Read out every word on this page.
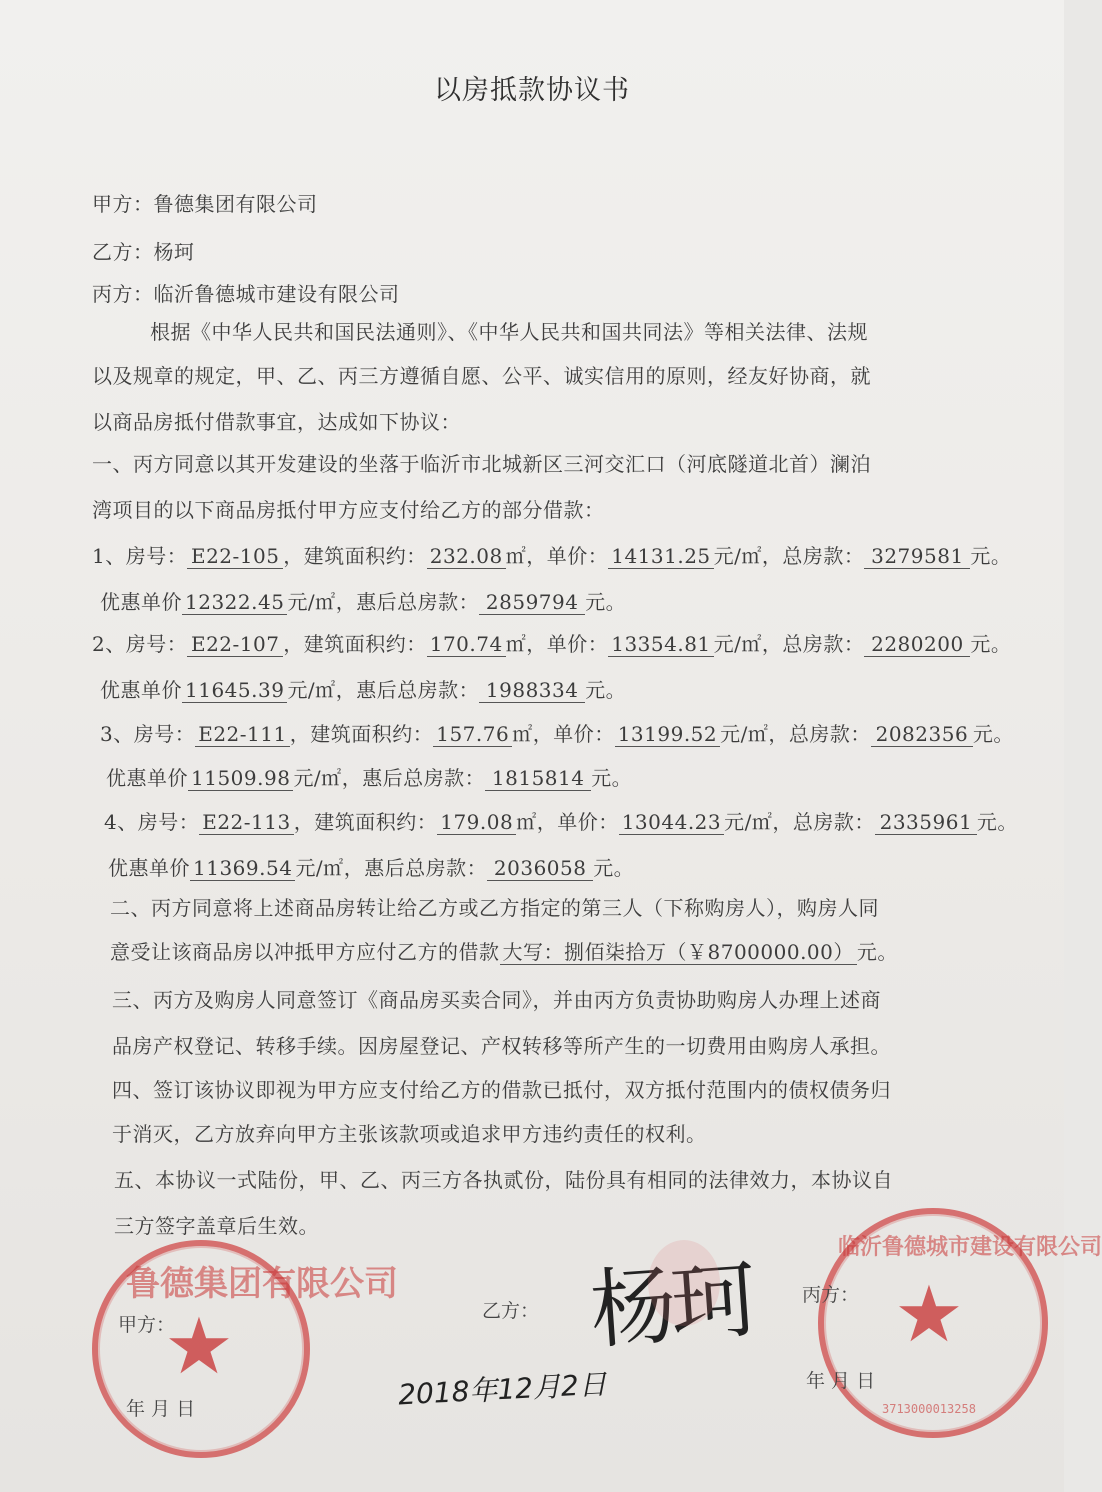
以房抵款协议书
甲方：鲁德集团有限公司
乙方：杨珂
丙方：临沂鲁德城市建设有限公司
根据《中华人民共和国民法通则》、《中华人民共和国共同法》等相关法律、法规
以及规章的规定，甲、乙、丙三方遵循自愿、公平、诚实信用的原则，经友好协商，就
以商品房抵付借款事宜，达成如下协议：
一、丙方同意以其开发建设的坐落于临沂市北城新区三河交汇口（河底隧道北首）澜泊
湾项目的以下商品房抵付甲方应支付给乙方的部分借款：
1、房号： E22-105 ，建筑面积约： 232.08 ㎡，单价： 14131.25 元/㎡，总房款： 3279581 元。
优惠单价 12322.45 元/㎡，惠后总房款： 2859794 元。
2、房号： E22-107 ，建筑面积约： 170.74 ㎡，单价： 13354.81 元/㎡，总房款： 2280200 元。
优惠单价 11645.39 元/㎡，惠后总房款： 1988334 元。
3、房号： E22-111 ，建筑面积约： 157.76 ㎡，单价： 13199.52 元/㎡，总房款： 2082356 元。
优惠单价 11509.98 元/㎡，惠后总房款： 1815814 元。
4、房号： E22-113 ，建筑面积约： 179.08 ㎡，单价： 13044.23 元/㎡，总房款： 2335961 元。
优惠单价 11369.54 元/㎡，惠后总房款： 2036058 元。
二、丙方同意将上述商品房转让给乙方或乙方指定的第三人（下称购房人），购房人同
意受让该商品房以冲抵甲方应付乙方的借款 大写：捌佰柒拾万（￥8700000.00） 元。
三、丙方及购房人同意签订《商品房买卖合同》，并由丙方负责协助购房人办理上述商
品房产权登记、转移手续。因房屋登记、产权转移等所产生的一切费用由购房人承担。
四、签订该协议即视为甲方应支付给乙方的借款已抵付，双方抵付范围内的债权债务归
于消灭，乙方放弃向甲方主张该款项或追求甲方违约责任的权利。
五、本协议一式陆份，甲、乙、丙三方各执贰份，陆份具有相同的法律效力，本协议自
三方签字盖章后生效。
鲁德集团有限公司
★
临沂鲁德城市建设有限公司
★
3713000013258
甲方：
年 月 日
乙方： 杨珂
2018年12月2日
丙方：
年 月 日
